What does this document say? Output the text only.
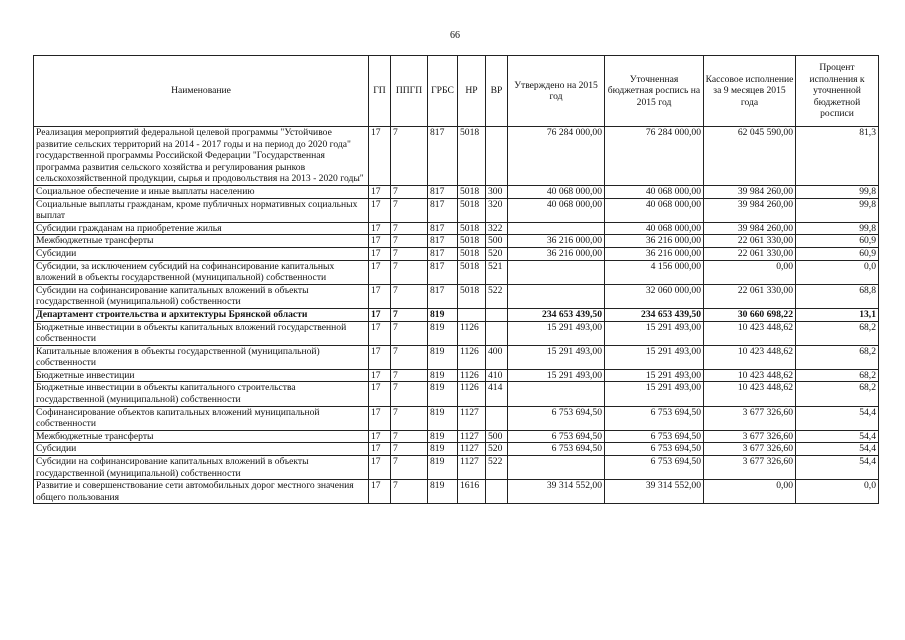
66
Наименование	ГП	ППГП	ГРБС	НР	ВР	Утверждено на 2015 год	Уточненная бюджетная роспись на 2015 год	Кассовое исполнение за 9 месяцев 2015 года	Процент исполнения к уточненной бюджетной росписи
Реализация мероприятий федеральной целевой программы "Устойчивое развитие сельских территорий на 2014 - 2017 годы и на период до 2020 года" государственной программы Российской Федерации "Государственная программа развития сельского хозяйства и регулирования рынков сельскохозяйственной продукции, сырья и продовольствия на 2013 - 2020 годы"	17	7	817	5018		76 284 000,00	76 284 000,00	62 045 590,00	81,3
Социальное обеспечение и иные выплаты населению	17	7	817	5018	300	40 068 000,00	40 068 000,00	39 984 260,00	99,8
Социальные выплаты гражданам, кроме публичных нормативных социальных выплат	17	7	817	5018	320	40 068 000,00	40 068 000,00	39 984 260,00	99,8
Субсидии гражданам на приобретение жилья	17	7	817	5018	322		40 068 000,00	39 984 260,00	99,8
Межбюджетные трансферты	17	7	817	5018	500	36 216 000,00	36 216 000,00	22 061 330,00	60,9
Субсидии	17	7	817	5018	520	36 216 000,00	36 216 000,00	22 061 330,00	60,9
Субсидии, за исключением субсидий на софинансирование капитальных вложений в объекты государственной (муниципальной) собственности	17	7	817	5018	521		4 156 000,00	0,00	0,0
Субсидии на софинансирование капитальных вложений в объекты государственной (муниципальной) собственности	17	7	817	5018	522		32 060 000,00	22 061 330,00	68,8
Департамент строительства и архитектуры Брянской области	17	7	819			234 653 439,50	234 653 439,50	30 660 698,22	13,1
Бюджетные инвестиции в объекты капитальных вложений государственной собственности	17	7	819	1126		15 291 493,00	15 291 493,00	10 423 448,62	68,2
Капитальные вложения в объекты государственной (муниципальной) собственности	17	7	819	1126	400	15 291 493,00	15 291 493,00	10 423 448,62	68,2
Бюджетные инвестиции	17	7	819	1126	410	15 291 493,00	15 291 493,00	10 423 448,62	68,2
Бюджетные инвестиции в объекты капитального строительства государственной (муниципальной) собственности	17	7	819	1126	414		15 291 493,00	10 423 448,62	68,2
Софинансирование объектов капитальных вложений муниципальной собственности	17	7	819	1127		6 753 694,50	6 753 694,50	3 677 326,60	54,4
Межбюджетные трансферты	17	7	819	1127	500	6 753 694,50	6 753 694,50	3 677 326,60	54,4
Субсидии	17	7	819	1127	520	6 753 694,50	6 753 694,50	3 677 326,60	54,4
Субсидии на софинансирование капитальных вложений в объекты государственной (муниципальной) собственности	17	7	819	1127	522		6 753 694,50	3 677 326,60	54,4
Развитие и совершенствование сети автомобильных дорог местного значения общего пользования	17	7	819	1616		39 314 552,00	39 314 552,00	0,00	0,0
